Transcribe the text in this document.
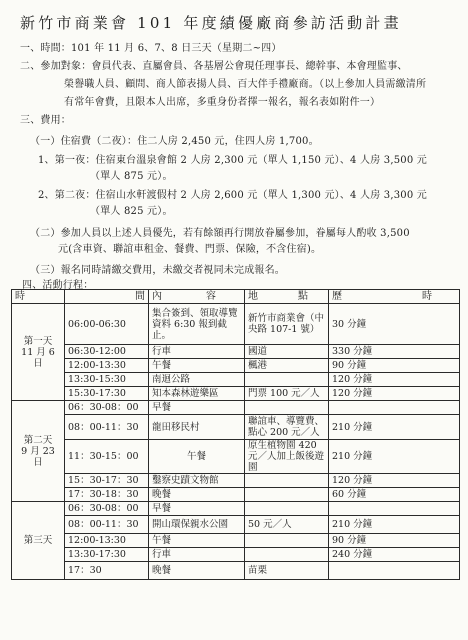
新竹市商業會 101 年度績優廠商參訪活動計畫
一、時間：101 年 11 月 6、7、8 日三天（星期二~四）
二、參加對象：會員代表、直屬會員、各基層公會現任理事長、總幹事、本會理監事、
榮譽職人員、顧問、商人節表揚人員、百大伴手禮廠商。（以上參加人員需繳清所
有常年會費，且限本人出席，多重身份者擇一報名，報名表如附件一）
三、費用：
（一）住宿費（二夜）：住二人房 2,450 元，住四人房 1,700。
1、第一夜：住宿東台溫泉會館 2 人房 2,300 元（單人 1,150 元）、4 人房 3,500 元
（單人 875 元）。
2、第二夜：住宿山水軒渡假村 2 人房 2,600 元（單人 1,300 元）、4 人房 3,300 元
（單人 825 元）。
（二）參加人員以上述人員優先，若有餘額再行開放眷屬參加，眷屬每人酌收 3,500
元(含車資、聯誼車租金、餐費、門票、保險，不含住宿)。
（三）報名同時請繳交費用，未繳交者視同未完成報名。
四、活動行程：
時	間	內 容	地 點	歷 時
第一天
11 月 6 日	06:00-06:30	集合簽到、領取導覽資料 6:30 報到截止。	新竹市商業會（中央路 107-1 號）	30 分鐘
	06:30-12:00	行車	國道	330 分鐘
	12:00-13:30	午餐	楓港	90 分鐘
	13:30-15:30	南迴公路		120 分鐘
	15:30-17:30	知本森林遊樂區	門票 100 元／人	120 分鐘
第二天
9 月 23 日	06：30-08：00	早餐		
	08：00-11：30	龍田移民村	聯誼車、導覽費、點心 200 元／人	210 分鐘
	11：30-15：00	午餐	原生植物園 420 元／人加上飯後遊園	210 分鐘
	15：30-17：30	鑿察史蹟文物館		120 分鐘
	17：30-18：30	晚餐		60 分鐘
第三天	06：30-08：00	早餐		
	08：00-11：30	開山環保親水公園	50 元／人	210 分鐘
	12:00-13:30	午餐		90 分鐘
	13:30-17:30	行車		240 分鐘
	17：30	晚餐	苗栗	
